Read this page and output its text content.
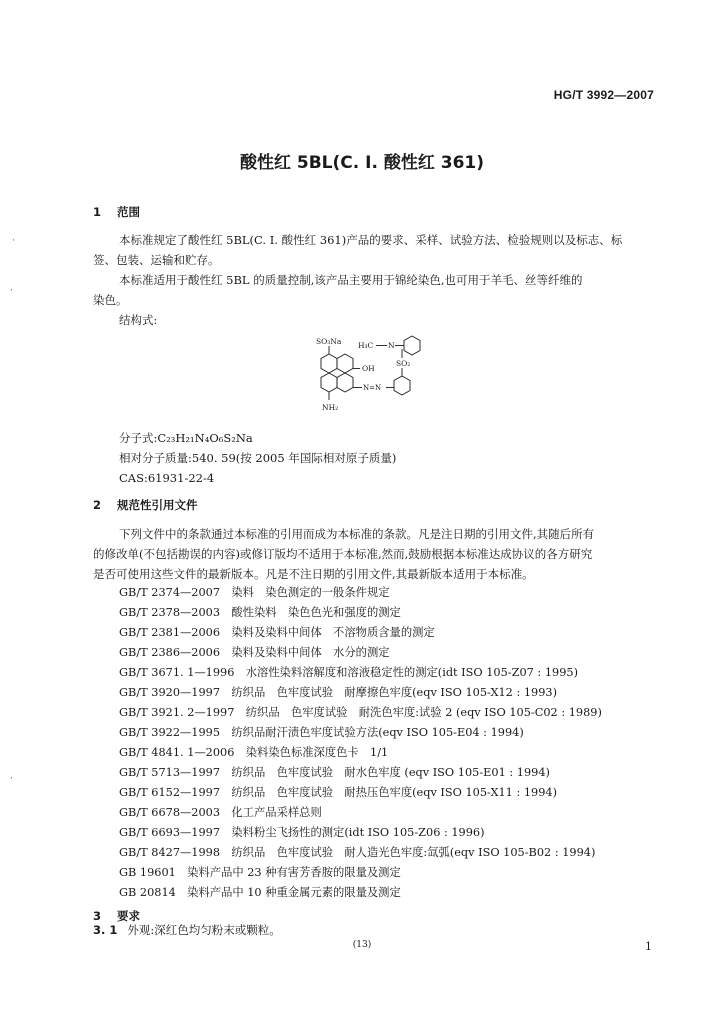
HG/T 3992—2007
酸性红 5BL(C. I. 酸性红 361)
1 范围
本标准规定了酸性红 5BL(C. I. 酸性红 361)产品的要求、采样、试验方法、检验规则以及标志、标
签、包装、运输和贮存。
本标准适用于酸性红 5BL 的质量控制,该产品主要用于锦纶染色,也可用于羊毛、丝等纤维的
染色。
结构式:
SO₃Na
OH
NH₂
N=N
SO₂
H₃C N
分子式:C₂₃H₂₁N₄O₆S₂Na
相对分子质量:540. 59(按 2005 年国际相对原子质量)
CAS:61931-22-4
2 规范性引用文件
下列文件中的条款通过本标准的引用而成为本标准的条款。凡是注日期的引用文件,其随后所有
的修改单(不包括勘误的内容)或修订版均不适用于本标准,然而,鼓励根据本标准达成协议的各方研究
是否可使用这些文件的最新版本。凡是不注日期的引用文件,其最新版本适用于本标准。
GB/T 2374—2007　 染料　染色测定的一般条件规定
GB/T 2378—2003　 酸性染料　染色色光和强度的测定
GB/T 2381—2006　 染料及染料中间体　不溶物质含量的测定
GB/T 2386—2006　 染料及染料中间体　水分的测定
GB/T 3671. 1—1996　 水溶性染料溶解度和溶液稳定性的测定(idt ISO 105-Z07 : 1995)
GB/T 3920—1997　 纺织品　色牢度试验　耐摩擦色牢度(eqv ISO 105-X12 : 1993)
GB/T 3921. 2—1997　 纺织品　色牢度试验　耐洗色牢度:试验 2 (eqv ISO 105-C02 : 1989)
GB/T 3922—1995　 纺织品耐汗渍色牢度试验方法(eqv ISO 105-E04 : 1994)
GB/T 4841. 1—2006　 染料染色标准深度色卡　1/1
GB/T 5713—1997　 纺织品　色牢度试验　耐水色牢度 (eqv ISO 105-E01 : 1994)
GB/T 6152—1997　 纺织品　色牢度试验　耐热压色牢度(eqv ISO 105-X11 : 1994)
GB/T 6678—2003　 化工产品采样总则
GB/T 6693—1997　 染料粉尘飞扬性的测定(idt ISO 105-Z06 : 1996)
GB/T 8427—1998　 纺织品　色牢度试验　耐人造光色牢度:氙弧(eqv ISO 105-B02 : 1994)
GB 19601　 染料产品中 23 种有害芳香胺的限量及测定
GB 20814　 染料产品中 10 种重金属元素的限量及测定
3 要求
3. 1 外观:深红色均匀粉末或颗粒。
(13)	1
·
·
·
